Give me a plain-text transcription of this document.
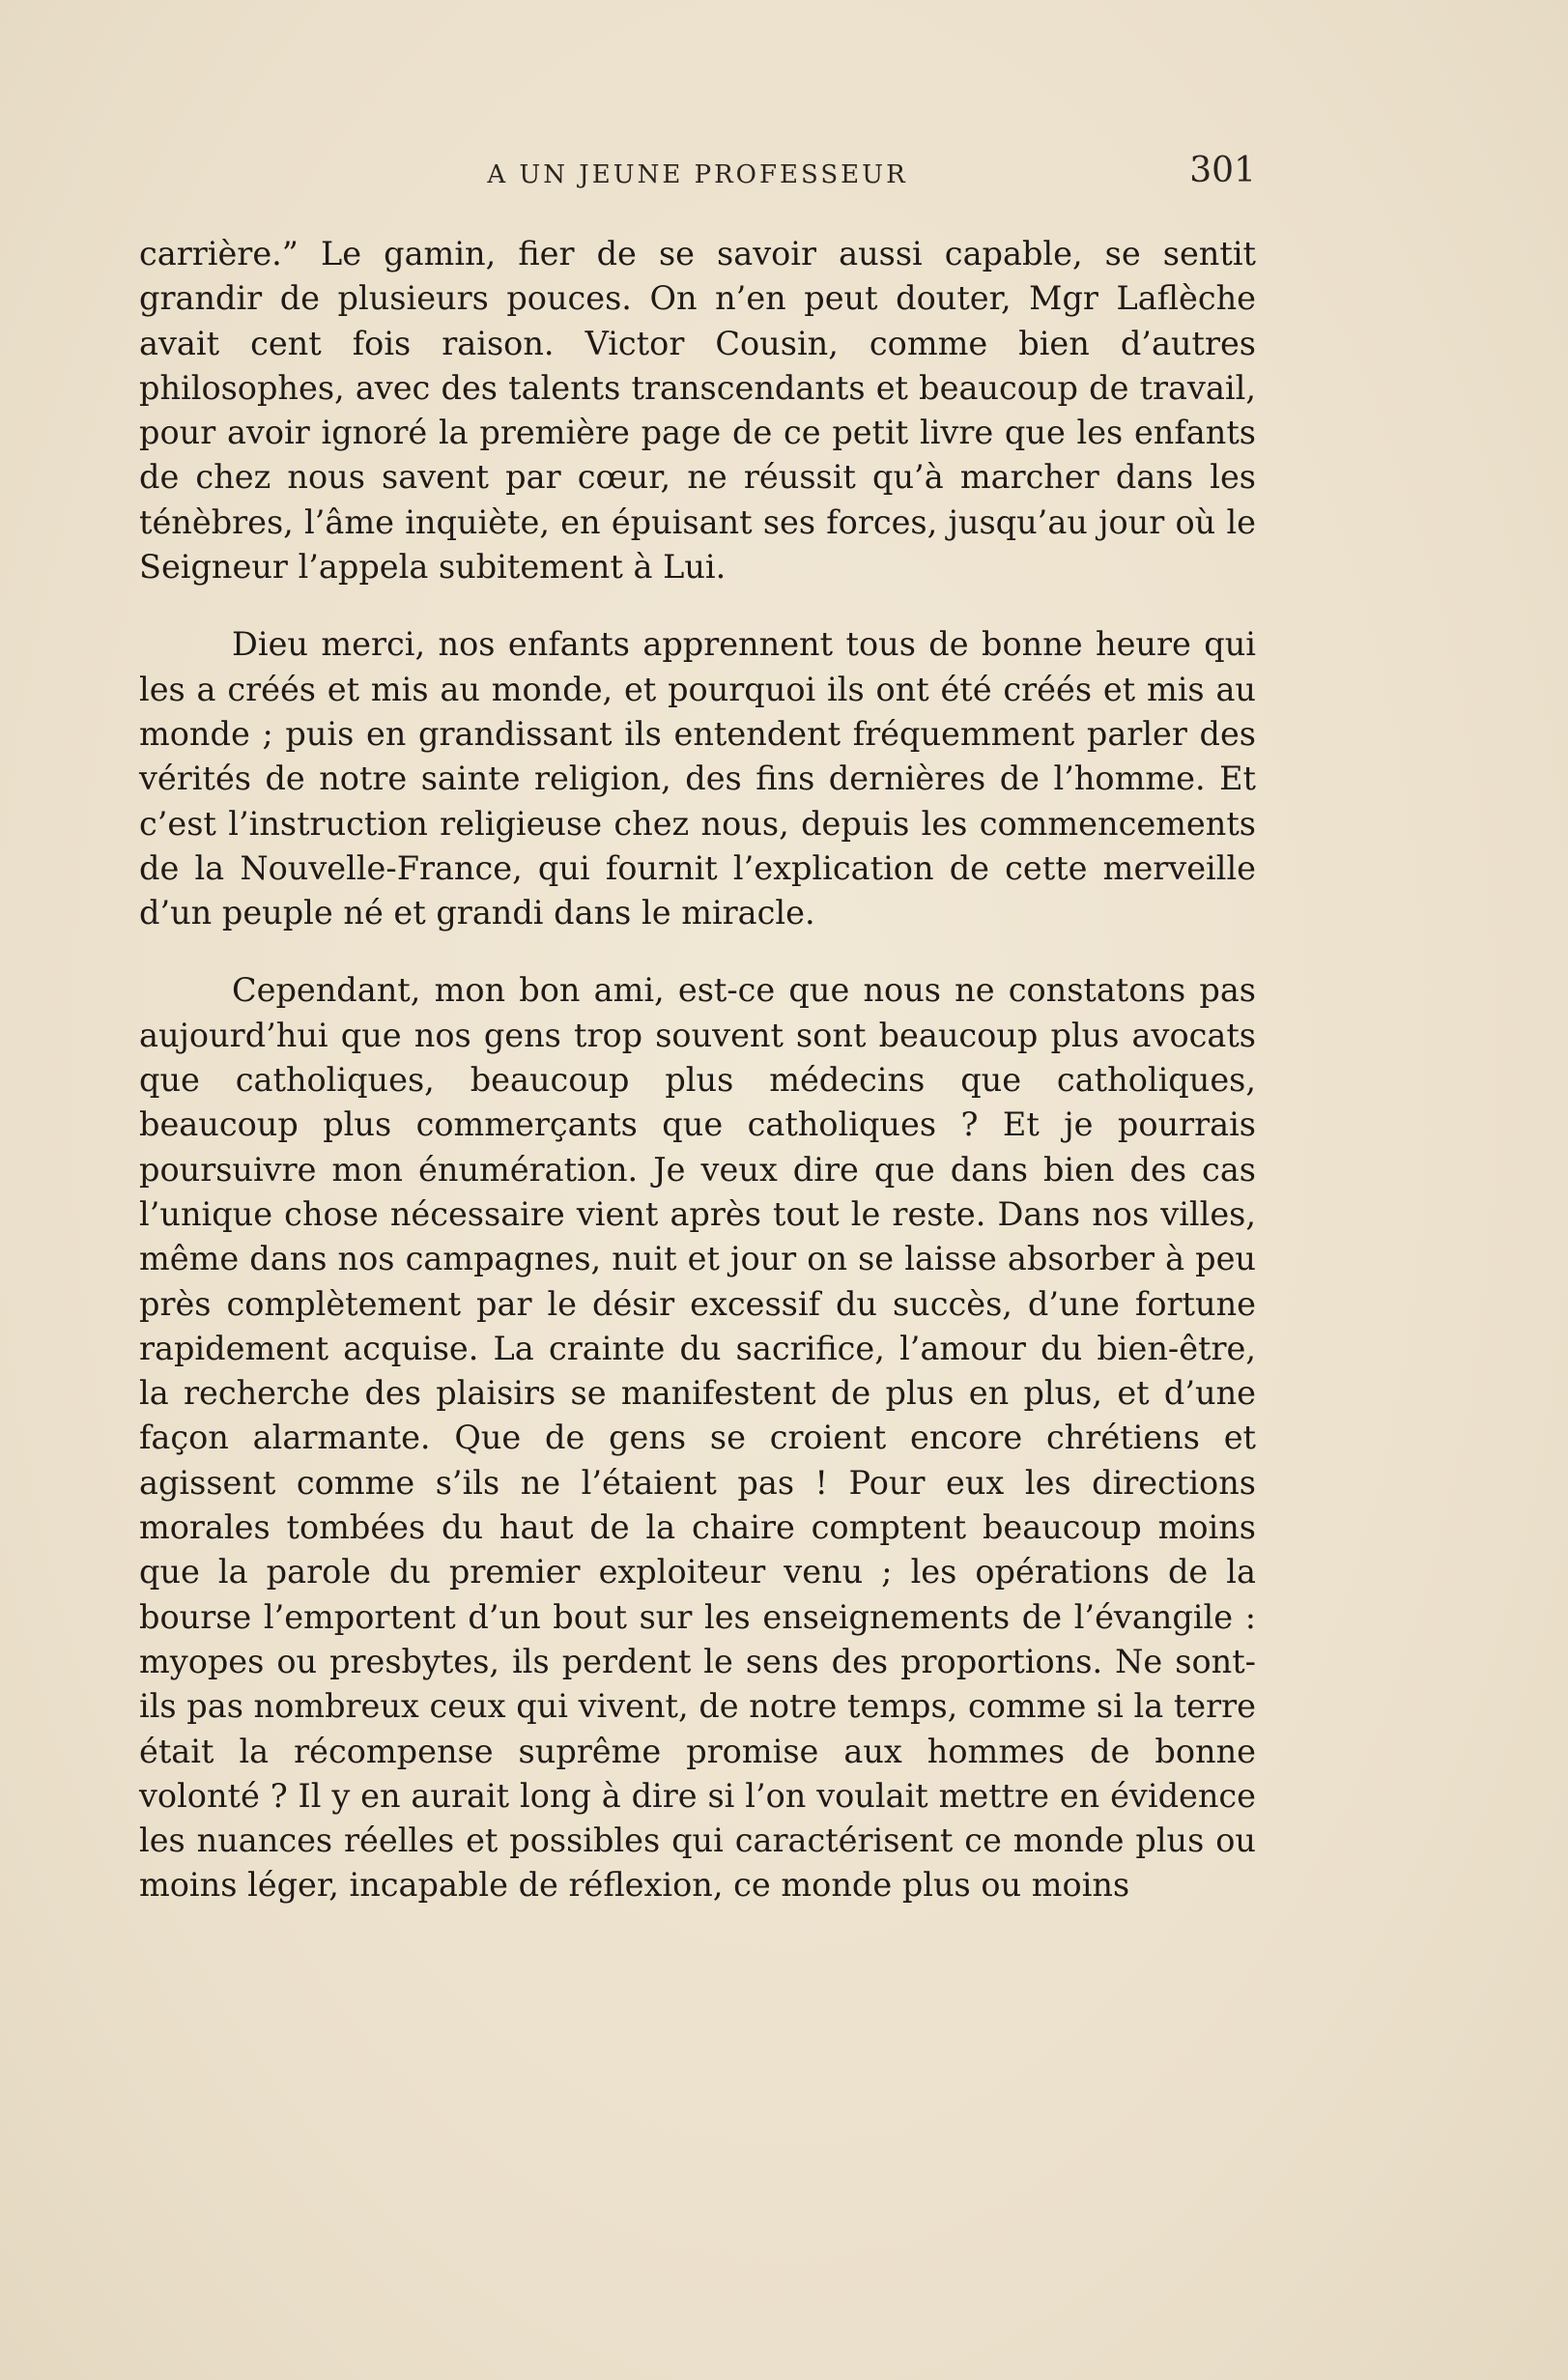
A UN JEUNE PROFESSEUR	301

carrière.” Le gamin, fier de se savoir aussi capable, se sentit grandir de plusieurs pouces. On n’en peut douter, Mgr Laflèche avait cent fois raison. Victor Cousin, comme bien d’autres philosophes, avec des talents transcendants et beaucoup de travail, pour avoir ignoré la première page de ce petit livre que les enfants de chez nous savent par cœur, ne réussit qu’à marcher dans les ténèbres, l’âme inquiète, en épuisant ses forces, jusqu’au jour où le Seigneur l’appela subitement à Lui.

Dieu merci, nos enfants apprennent tous de bonne heure qui les a créés et mis au monde, et pourquoi ils ont été créés et mis au monde ; puis en grandissant ils entendent fréquemment parler des vérités de notre sainte religion, des fins dernières de l’homme. Et c’est l’instruction religieuse chez nous, depuis les commencements de la Nouvelle-France, qui fournit l’explication de cette merveille d’un peuple né et grandi dans le miracle.

Cependant, mon bon ami, est-ce que nous ne constatons pas aujourd’hui que nos gens trop souvent sont beaucoup plus avocats que catholiques, beaucoup plus médecins que catholiques, beaucoup plus commerçants que catholiques ? Et je pourrais poursuivre mon énumération. Je veux dire que dans bien des cas l’unique chose nécessaire vient après tout le reste. Dans nos villes, même dans nos campagnes, nuit et jour on se laisse absorber à peu près complètement par le désir excessif du succès, d’une fortune rapidement acquise. La crainte du sacrifice, l’amour du bien-être, la recherche des plaisirs se manifestent de plus en plus, et d’une façon alarmante. Que de gens se croient encore chrétiens et agissent comme s’ils ne l’étaient pas ! Pour eux les directions morales tombées du haut de la chaire comptent beaucoup moins que la parole du premier exploiteur venu ; les opérations de la bourse l’emportent d’un bout sur les enseignements de l’évangile : myopes ou presbytes, ils perdent le sens des proportions. Ne sont-ils pas nombreux ceux qui vivent, de notre temps, comme si la terre était la récompense suprême promise aux hommes de bonne volonté ? Il y en aurait long à dire si l’on voulait mettre en évidence les nuances réelles et possibles qui caractérisent ce monde plus ou moins léger, incapable de réflexion, ce monde plus ou moins
